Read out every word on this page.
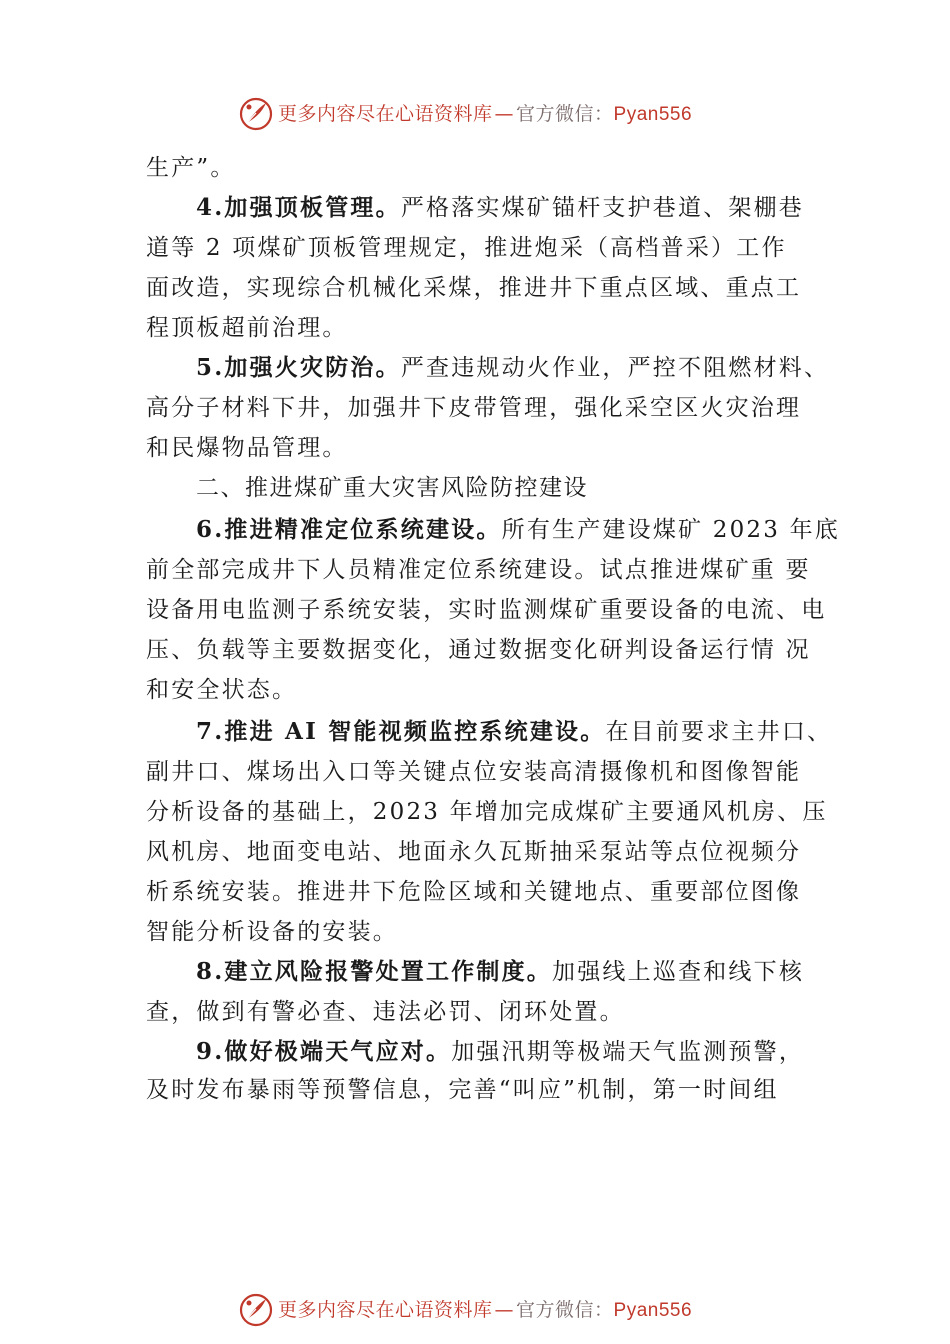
更多内容尽在心语资料库 — 官方微信：Pyan556
生产”。
4.加强顶板管理。严格落实煤矿锚杆支护巷道、架棚巷
道等 2 项煤矿顶板管理规定，推进炮采（高档普采）工作
面改造，实现综合机械化采煤，推进井下重点区域、重点工
程顶板超前治理。
5.加强火灾防治。严查违规动火作业，严控不阻燃材料、
高分子材料下井，加强井下皮带管理，强化采空区火灾治理
和民爆物品管理。
二、推进煤矿重大灾害风险防控建设
6.推进精准定位系统建设。所有生产建设煤矿 2023 年底
前全部完成井下人员精准定位系统建设。试点推进煤矿重 要
设备用电监测子系统安装，实时监测煤矿重要设备的电流、电
压、负载等主要数据变化，通过数据变化研判设备运行情 况
和安全状态。
7.推进 AI 智能视频监控系统建设。在目前要求主井口、
副井口、煤场出入口等关键点位安装高清摄像机和图像智能
分析设备的基础上，2023 年增加完成煤矿主要通风机房、压
风机房、地面变电站、地面永久瓦斯抽采泵站等点位视频分
析系统安装。推进井下危险区域和关键地点、重要部位图像
智能分析设备的安装。
8.建立风险报警处置工作制度。加强线上巡查和线下核
查，做到有警必查、违法必罚、闭环处置。
9.做好极端天气应对。加强汛期等极端天气监测预警，
及时发布暴雨等预警信息，完善“叫应”机制，第一时间组
更多内容尽在心语资料库 — 官方微信：Pyan556
